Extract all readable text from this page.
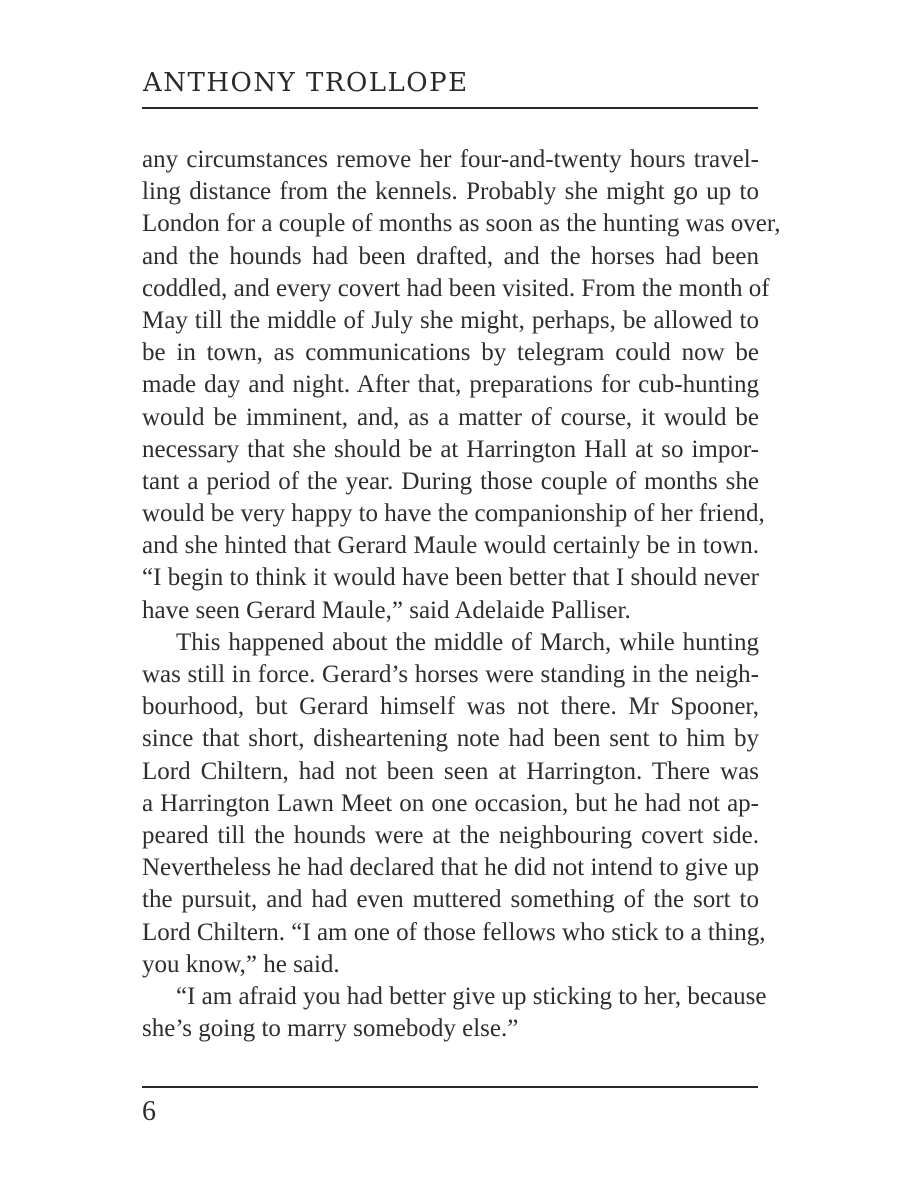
ANTHONY TROLLOPE
any circumstances remove her four-and-twenty hours travel-
ling distance from the kennels. Probably she might go up to
London for a couple of months as soon as the hunting was over,
and the hounds had been drafted, and the horses had been
coddled, and every covert had been visited. From the month of
May till the middle of July she might, perhaps, be allowed to
be in town, as communications by telegram could now be
made day and night. After that, preparations for cub-hunting
would be imminent, and, as a matter of course, it would be
necessary that she should be at Harrington Hall at so impor-
tant a period of the year. During those couple of months she
would be very happy to have the companionship of her friend,
and she hinted that Gerard Maule would certainly be in town.
“I begin to think it would have been better that I should never
have seen Gerard Maule,” said Adelaide Palliser.
This happened about the middle of March, while hunting
was still in force. Gerard’s horses were standing in the neigh-
bourhood, but Gerard himself was not there. Mr Spooner,
since that short, disheartening note had been sent to him by
Lord Chiltern, had not been seen at Harrington. There was
a Harrington Lawn Meet on one occasion, but he had not ap-
peared till the hounds were at the neighbouring covert side.
Nevertheless he had declared that he did not intend to give up
the pursuit, and had even muttered something of the sort to
Lord Chiltern. “I am one of those fellows who stick to a thing,
you know,” he said.
“I am afraid you had better give up sticking to her, because
she’s going to marry somebody else.”
6
